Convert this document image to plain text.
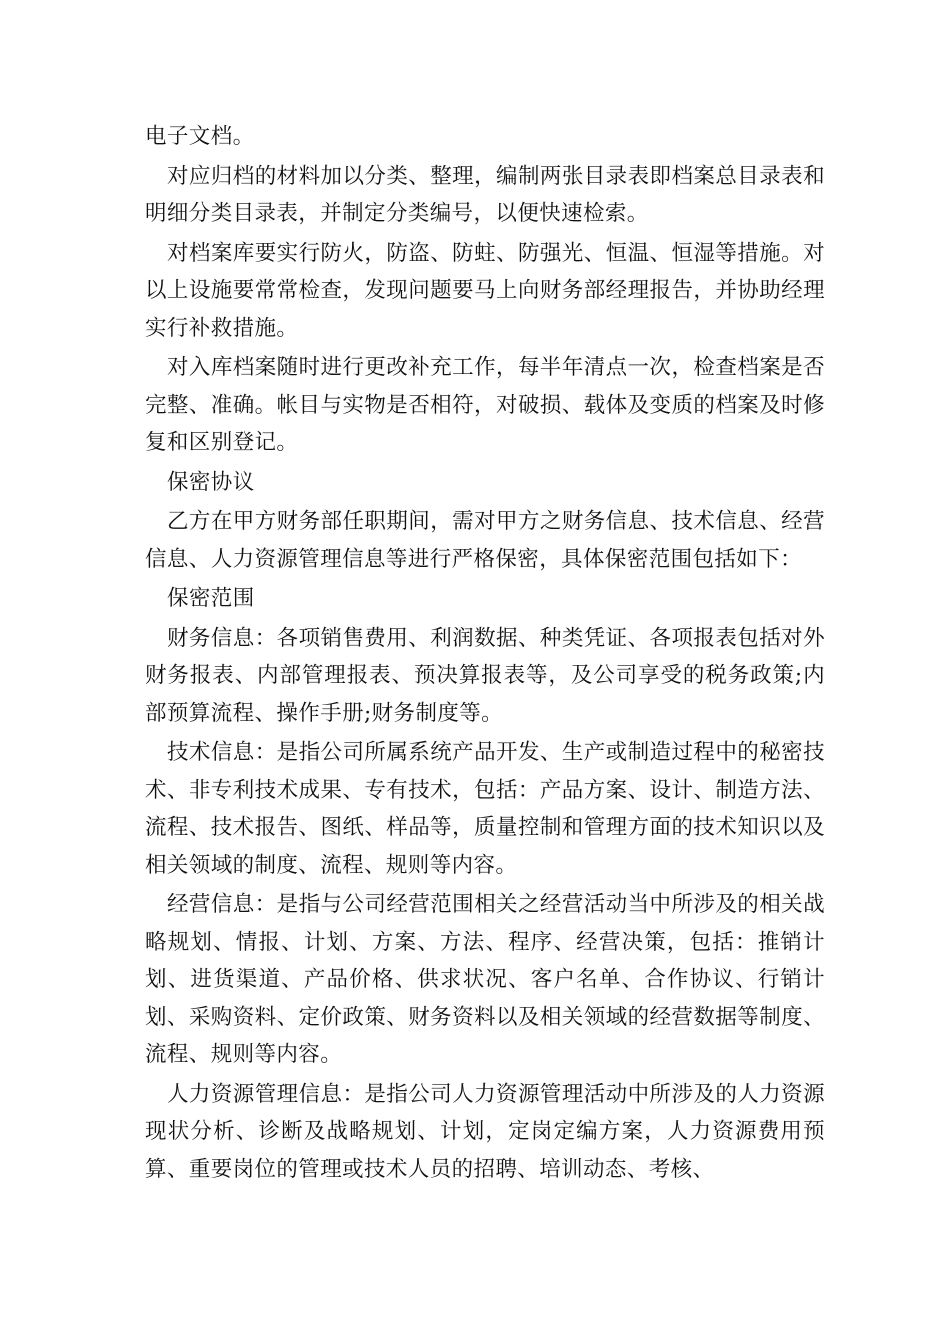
电子文档。

对应归档的材料加以分类、整理，编制两张目录表即档案总目录表和明细分类目录表，并制定分类编号，以便快速检索。

对档案库要实行防火，防盗、防蛀、防强光、恒温、恒湿等措施。对以上设施要常常检查，发现问题要马上向财务部经理报告，并协助经理实行补救措施。

对入库档案随时进行更改补充工作，每半年清点一次，检查档案是否完整、准确。帐目与实物是否相符，对破损、载体及变质的档案及时修复和区别登记。

保密协议

乙方在甲方财务部任职期间，需对甲方之财务信息、技术信息、经营信息、人力资源管理信息等进行严格保密，具体保密范围包括如下：

保密范围

财务信息：各项销售费用、利润数据、种类凭证、各项报表包括对外财务报表、内部管理报表、预决算报表等，及公司享受的税务政策;内部预算流程、操作手册;财务制度等。

技术信息：是指公司所属系统产品开发、生产或制造过程中的秘密技术、非专利技术成果、专有技术，包括：产品方案、设计、制造方法、流程、技术报告、图纸、样品等，质量控制和管理方面的技术知识以及相关领域的制度、流程、规则等内容。

经营信息：是指与公司经营范围相关之经营活动当中所涉及的相关战略规划、情报、计划、方案、方法、程序、经营决策，包括：推销计划、进货渠道、产品价格、供求状况、客户名单、合作协议、行销计划、采购资料、定价政策、财务资料以及相关领域的经营数据等制度、流程、规则等内容。

人力资源管理信息：是指公司人力资源管理活动中所涉及的人力资源现状分析、诊断及战略规划、计划，定岗定编方案，人力资源费用预算、重要岗位的管理或技术人员的招聘、培训动态、考核、
